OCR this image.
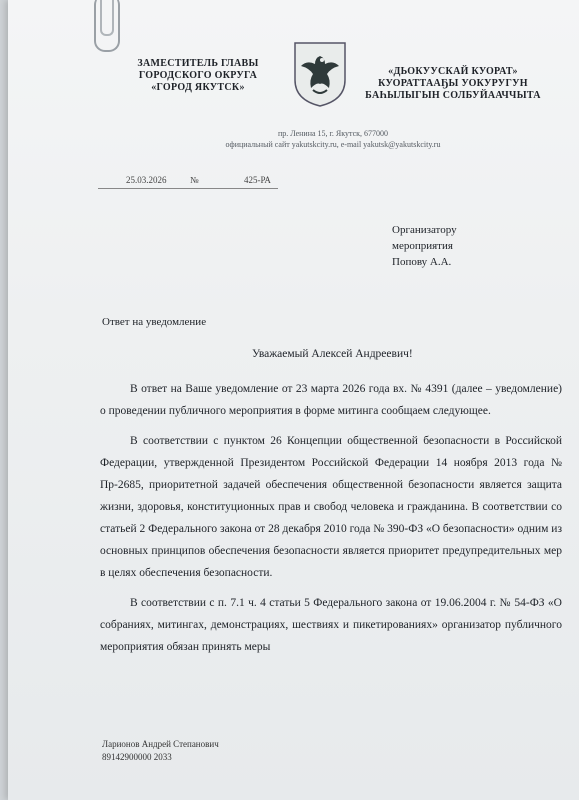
ЗАМЕСТИТЕЛЬ ГЛАВЫ
ГОРОДСКОГО ОКРУГА
«ГОРОД ЯКУТСК»
«ДЬОКУУСКАЙ КУОРАТ»
КУОРАТТААҔЫ УОКУРУГУН
БАҺЫЛЫГЫН СОЛБУЙААЧЧЫТА
пр. Ленина 15, г. Якутск, 677000
официальный сайт yakutskcity.ru, e-mail yakutsk@yakutskcity.ru
25.03.2026	№	425-РА
Организатору
мероприятия
Попову А.А.
Ответ на уведомление
Уважаемый Алексей Андреевич!

В ответ на Ваше уведомление от 23 марта 2026 года вх. № 4391 (далее – уведомление) о проведении публичного мероприятия в форме митинга сообщаем следующее.

В соответствии с пунктом 26 Концепции общественной безопасности в Российской Федерации, утвержденной Президентом Российской Федерации 14 ноября 2013 года № Пр-2685, приоритетной задачей обеспечения общественной безопасности является защита жизни, здоровья, конституционных прав и свобод человека и гражданина. В соответствии со статьей 2 Федерального закона от 28 декабря 2010 года № 390-ФЗ «О безопасности» одним из основных принципов обеспечения безопасности является приоритет предупредительных мер в целях обеспечения безопасности.

В соответствии с п. 7.1 ч. 4 статьи 5 Федерального закона от 19.06.2004 г. № 54-ФЗ «О собраниях, митингах, демонстрациях, шествиях и пикетированиях» организатор публичного мероприятия обязан принять меры

Ларионов Андрей Степанович
89142900000 2033
